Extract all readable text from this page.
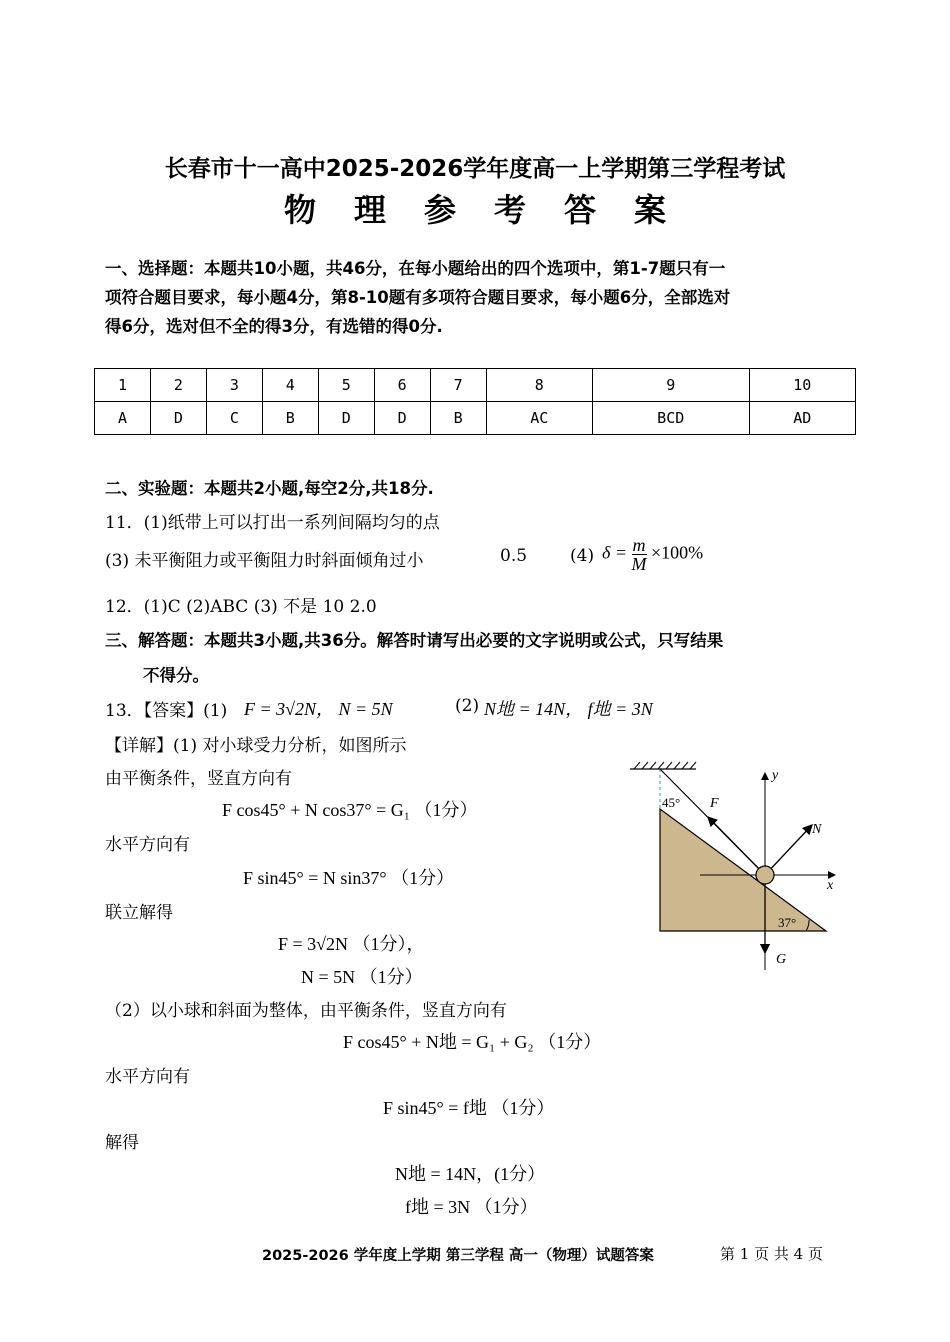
长春市十一高中2025-2026学年度高一上学期第三学程考试
物理参考答案
一、选择题：本题共10小题，共46分，在每小题给出的四个选项中，第1-7题只有一
项符合题目要求，每小题4分，第8-10题有多项符合题目要求，每小题6分，全部选对
得6分，选对但不全的得3分，有选错的得0分.
1	2	3	4	5	6	7	8	9	10
A	D	C	B	D	D	B	AC	BCD	AD
二、实验题：本题共2小题,每空2分,共18分.
11．(1)纸带上可以打出一系列间隔均匀的点
(3) 未平衡阻力或平衡阻力时斜面倾角过小	0.5	(4) $\delta = \frac{m}{M} \times 100\%$
12．(1)C (2)ABC (3) 不是 10 2.0
三、解答题：本题共3小题,共36分。解答时请写出必要的文字说明或公式，只写结果
不得分。
13．【答案】(1) F = 3√2N， N = 5N	(2) N地 = 14N， f地 = 3N
【详解】(1) 对小球受力分析，如图所示
由平衡条件，竖直方向有
F cos45° + N cos37° = G₁ （1分）
水平方向有
F sin45° = N sin37° （1分）
联立解得
F = 3√2N （1分），
N = 5N （1分）
（2）以小球和斜面为整体，由平衡条件，竖直方向有
F cos45° + N地 = G₁ + G₂ （1分）
水平方向有
F sin45° = f地 （1分）
解得
N地 = 14N，(1分）
f地 = 3N （1分）
45° F
N
y
x
37°
G
2025-2026 学年度上学期 第三学程 高一（物理）试题答案	第 1 页 共 4 页
